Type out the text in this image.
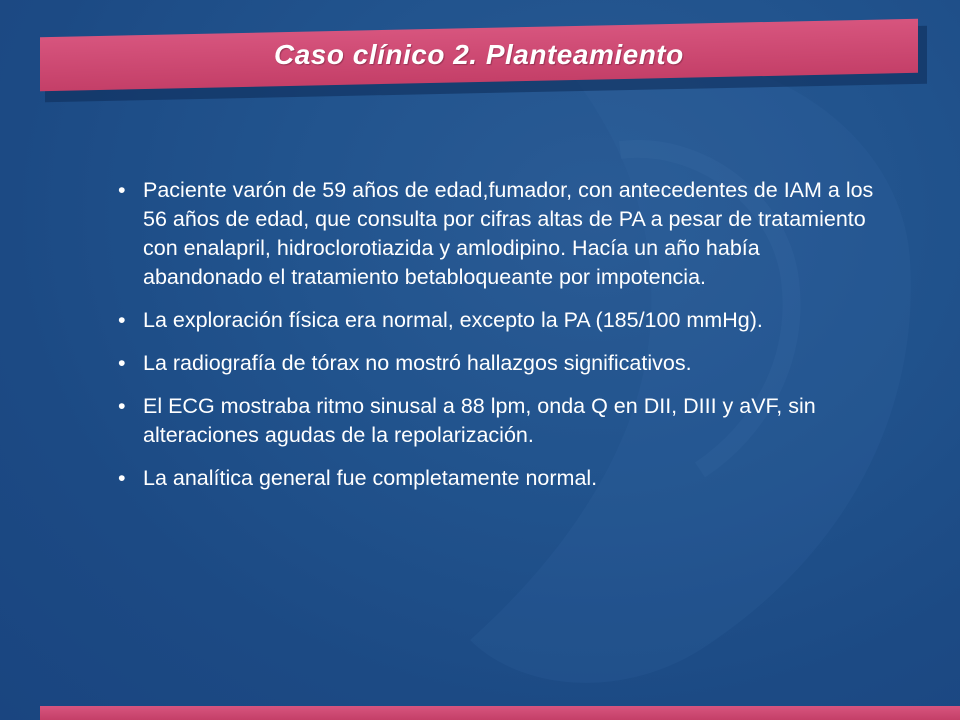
Caso clínico 2. Planteamiento
• Paciente varón de 59 años de edad,fumador, con antecedentes de IAM a los 56 años de edad, que consulta por cifras altas de PA a pesar de tratamiento con enalapril, hidroclorotiazida y amlodipino. Hacía un año había abandonado el tratamiento betabloqueante por impotencia.
• La exploración física era normal, excepto la PA (185/100 mmHg).
• La radiografía de tórax no mostró hallazgos significativos.
• El ECG mostraba ritmo sinusal a 88 lpm, onda Q en DII, DIII y aVF, sin alteraciones agudas de la repolarización.
• La analítica general fue completamente normal.
